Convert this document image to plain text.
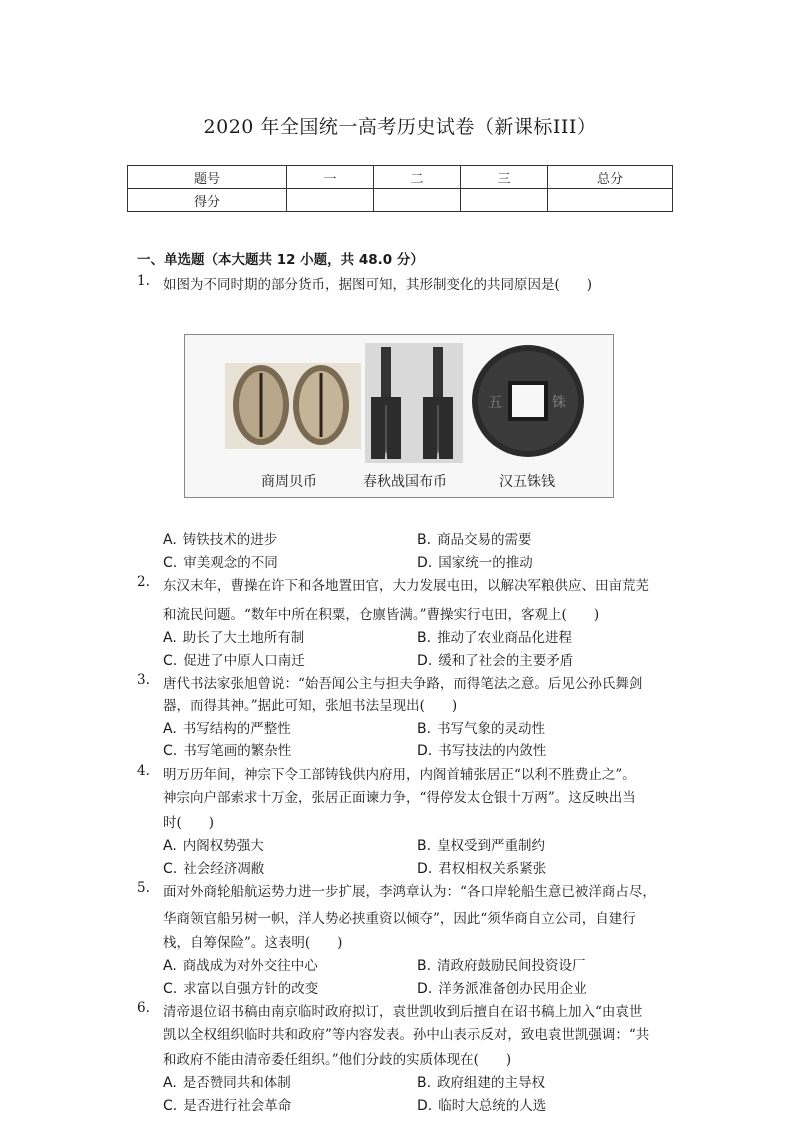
2020 年全国统一高考历史试卷（新课标III）
题号	一	二	三	总分
得分				
一、单选题（本大题共 12 小题，共 48.0 分）
1. 如图为不同时期的部分货币，据图可知，其形制变化的共同原因是(　　)
五	铢
商周贝币	春秋战国布币	汉五铢钱
A. 铸铁技术的进步	B. 商品交易的需要
C. 审美观念的不同	D. 国家统一的推动
2. 东汉末年，曹操在许下和各地置田官，大力发展屯田，以解决军粮供应、田亩荒芜
和流民问题。“数年中所在积粟，仓廪皆满。”曹操实行屯田，客观上(　　)
A. 助长了大土地所有制	B. 推动了农业商品化进程
C. 促进了中原人口南迁	D. 缓和了社会的主要矛盾
3. 唐代书法家张旭曾说：“始吾闻公主与担夫争路，而得笔法之意。后见公孙氏舞剑
器，而得其神。”据此可知，张旭书法呈现出(　　)
A. 书写结构的严整性	B. 书写气象的灵动性
C. 书写笔画的繁杂性	D. 书写技法的内敛性
4. 明万历年间，神宗下令工部铸钱供内府用，内阁首辅张居正“以利不胜费止之”。
神宗向户部索求十万金，张居正面谏力争，“得停发太仓银十万两”。这反映出当
时(　　)
A. 内阁权势强大	B. 皇权受到严重制约
C. 社会经济凋敝	D. 君权相权关系紧张
5. 面对外商轮船航运势力进一步扩展，李鸿章认为：“各口岸轮船生意已被洋商占尽，
华商领官船另树一帜，洋人势必挟重资以倾夺”，因此“须华商自立公司，自建行
栈，自筹保险”。这表明(　　)
A. 商战成为对外交往中心	B. 清政府鼓励民间投资设厂
C. 求富以自强方针的改变	D. 洋务派准备创办民用企业
6. 清帝退位诏书稿由南京临时政府拟订，袁世凯收到后擅自在诏书稿上加入“由袁世
凯以全权组织临时共和政府”等内容发表。孙中山表示反对，致电袁世凯强调：“共
和政府不能由清帝委任组织。”他们分歧的实质体现在(　　)
A. 是否赞同共和体制	B. 政府组建的主导权
C. 是否进行社会革命	D. 临时大总统的人选
